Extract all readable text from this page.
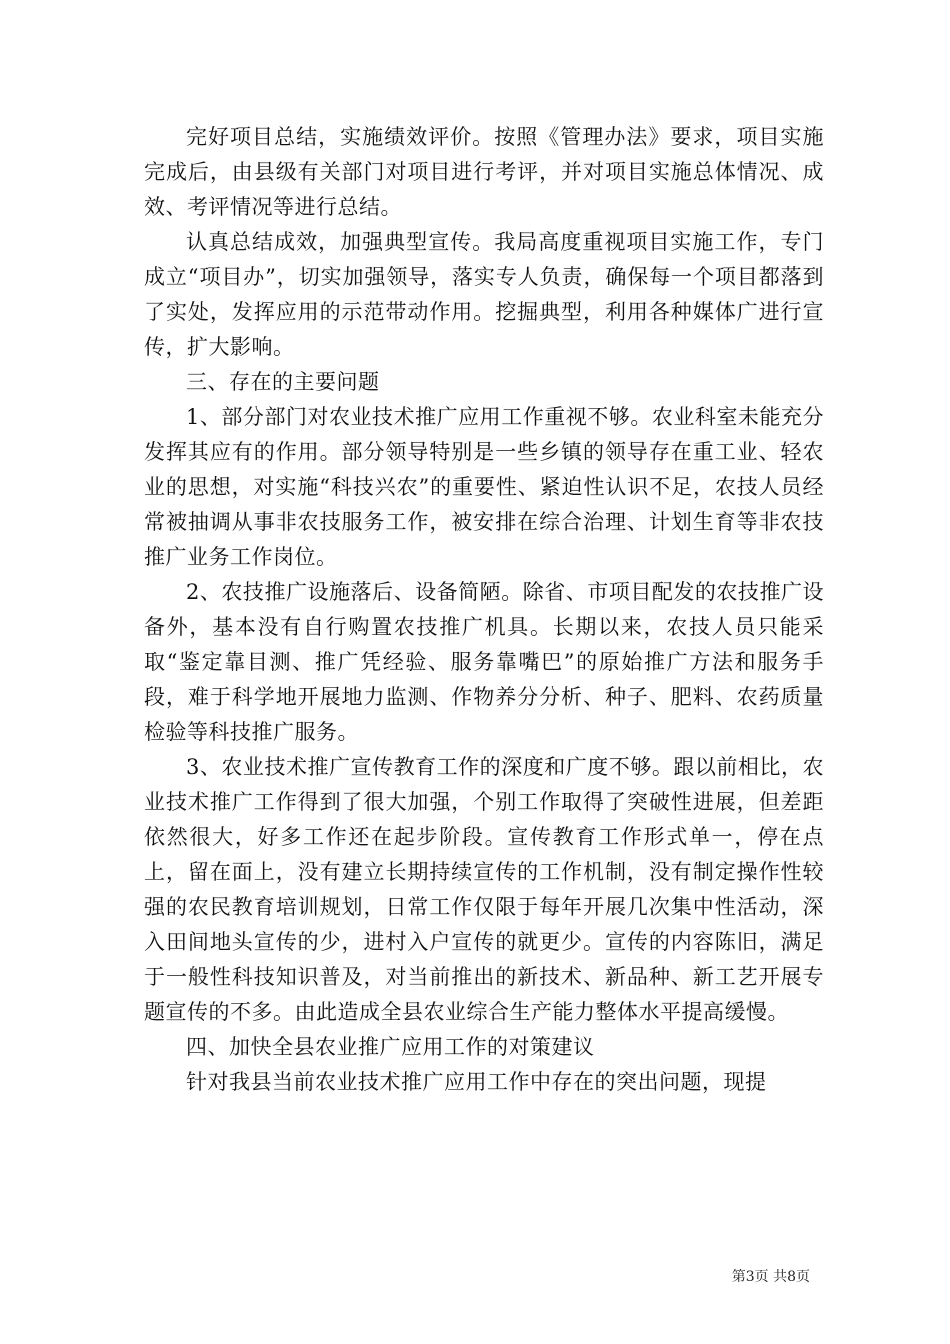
完好项目总结，实施绩效评价。按照《管理办法》要求，项目实施完成后，由县级有关部门对项目进行考评，并对项目实施总体情况、成效、考评情况等进行总结。

认真总结成效，加强典型宣传。我局高度重视项目实施工作，专门成立“项目办”，切实加强领导，落实专人负责，确保每一个项目都落到了实处，发挥应用的示范带动作用。挖掘典型，利用各种媒体广进行宣传，扩大影响。

三、存在的主要问题

1、部分部门对农业技术推广应用工作重视不够。农业科室未能充分发挥其应有的作用。部分领导特别是一些乡镇的领导存在重工业、轻农业的思想，对实施“科技兴农”的重要性、紧迫性认识不足，农技人员经常被抽调从事非农技服务工作，被安排在综合治理、计划生育等非农技推广业务工作岗位。

2、农技推广设施落后、设备简陋。除省、市项目配发的农技推广设备外，基本没有自行购置农技推广机具。长期以来，农技人员只能采取“鉴定靠目测、推广凭经验、服务靠嘴巴”的原始推广方法和服务手段，难于科学地开展地力监测、作物养分分析、种子、肥料、农药质量检验等科技推广服务。

3、农业技术推广宣传教育工作的深度和广度不够。跟以前相比，农业技术推广工作得到了很大加强，个别工作取得了突破性进展，但差距依然很大，好多工作还在起步阶段。宣传教育工作形式单一，停在点上，留在面上，没有建立长期持续宣传的工作机制，没有制定操作性较强的农民教育培训规划，日常工作仅限于每年开展几次集中性活动，深入田间地头宣传的少，进村入户宣传的就更少。宣传的内容陈旧，满足于一般性科技知识普及，对当前推出的新技术、新品种、新工艺开展专题宣传的不多。由此造成全县农业综合生产能力整体水平提高缓慢。

四、加快全县农业推广应用工作的对策建议

针对我县当前农业技术推广应用工作中存在的突出问题，现提

第3页 共8页
